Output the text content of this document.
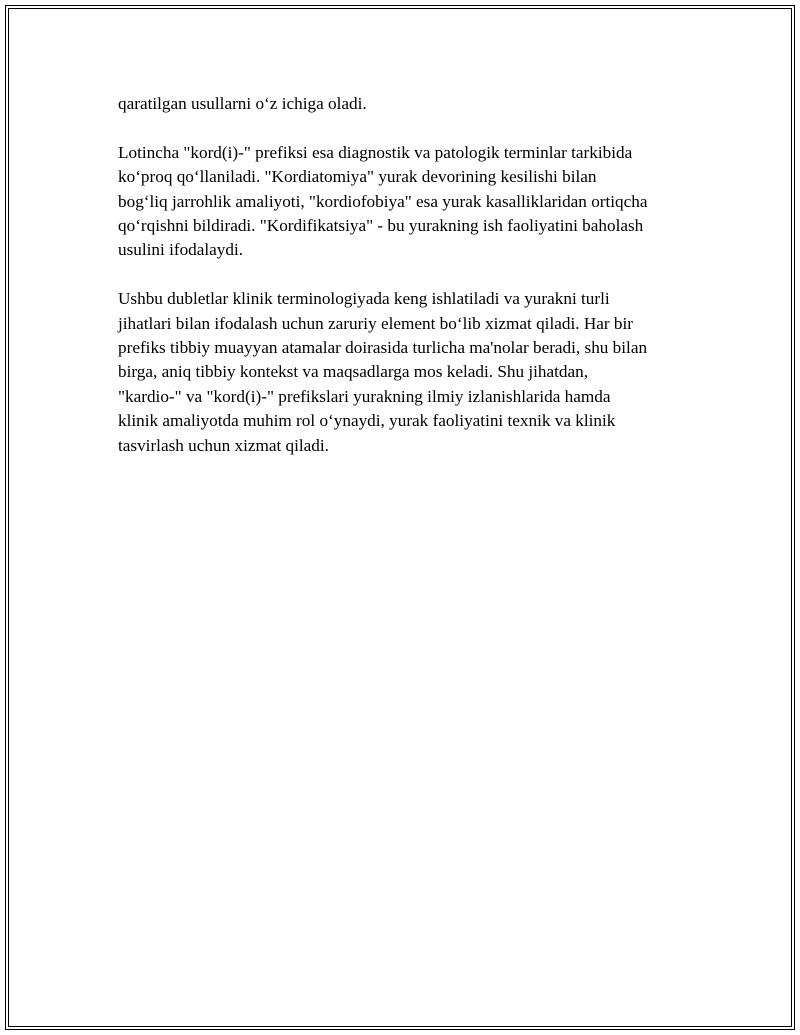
qaratilgan usullarni o‘z ichiga oladi.

Lotincha "kord(i)-" prefiksi esa diagnostik va patologik terminlar tarkibida
ko‘proq qo‘llaniladi. "Kordiatomiya" yurak devorining kesilishi bilan
bog‘liq jarrohlik amaliyoti, "kordiofobiya" esa yurak kasalliklaridan ortiqcha
qo‘rqishni bildiradi. "Kordifikatsiya" - bu yurakning ish faoliyatini baholash
usulini ifodalaydi.

Ushbu dubletlar klinik terminologiyada keng ishlatiladi va yurakni turli
jihatlari bilan ifodalash uchun zaruriy element bo‘lib xizmat qiladi. Har bir
prefiks tibbiy muayyan atamalar doirasida turlicha ma'nolar beradi, shu bilan
birga, aniq tibbiy kontekst va maqsadlarga mos keladi. Shu jihatdan,
"kardio-" va "kord(i)-" prefikslari yurakning ilmiy izlanishlarida hamda
klinik amaliyotda muhim rol o‘ynaydi, yurak faoliyatini texnik va klinik
tasvirlash uchun xizmat qiladi.
